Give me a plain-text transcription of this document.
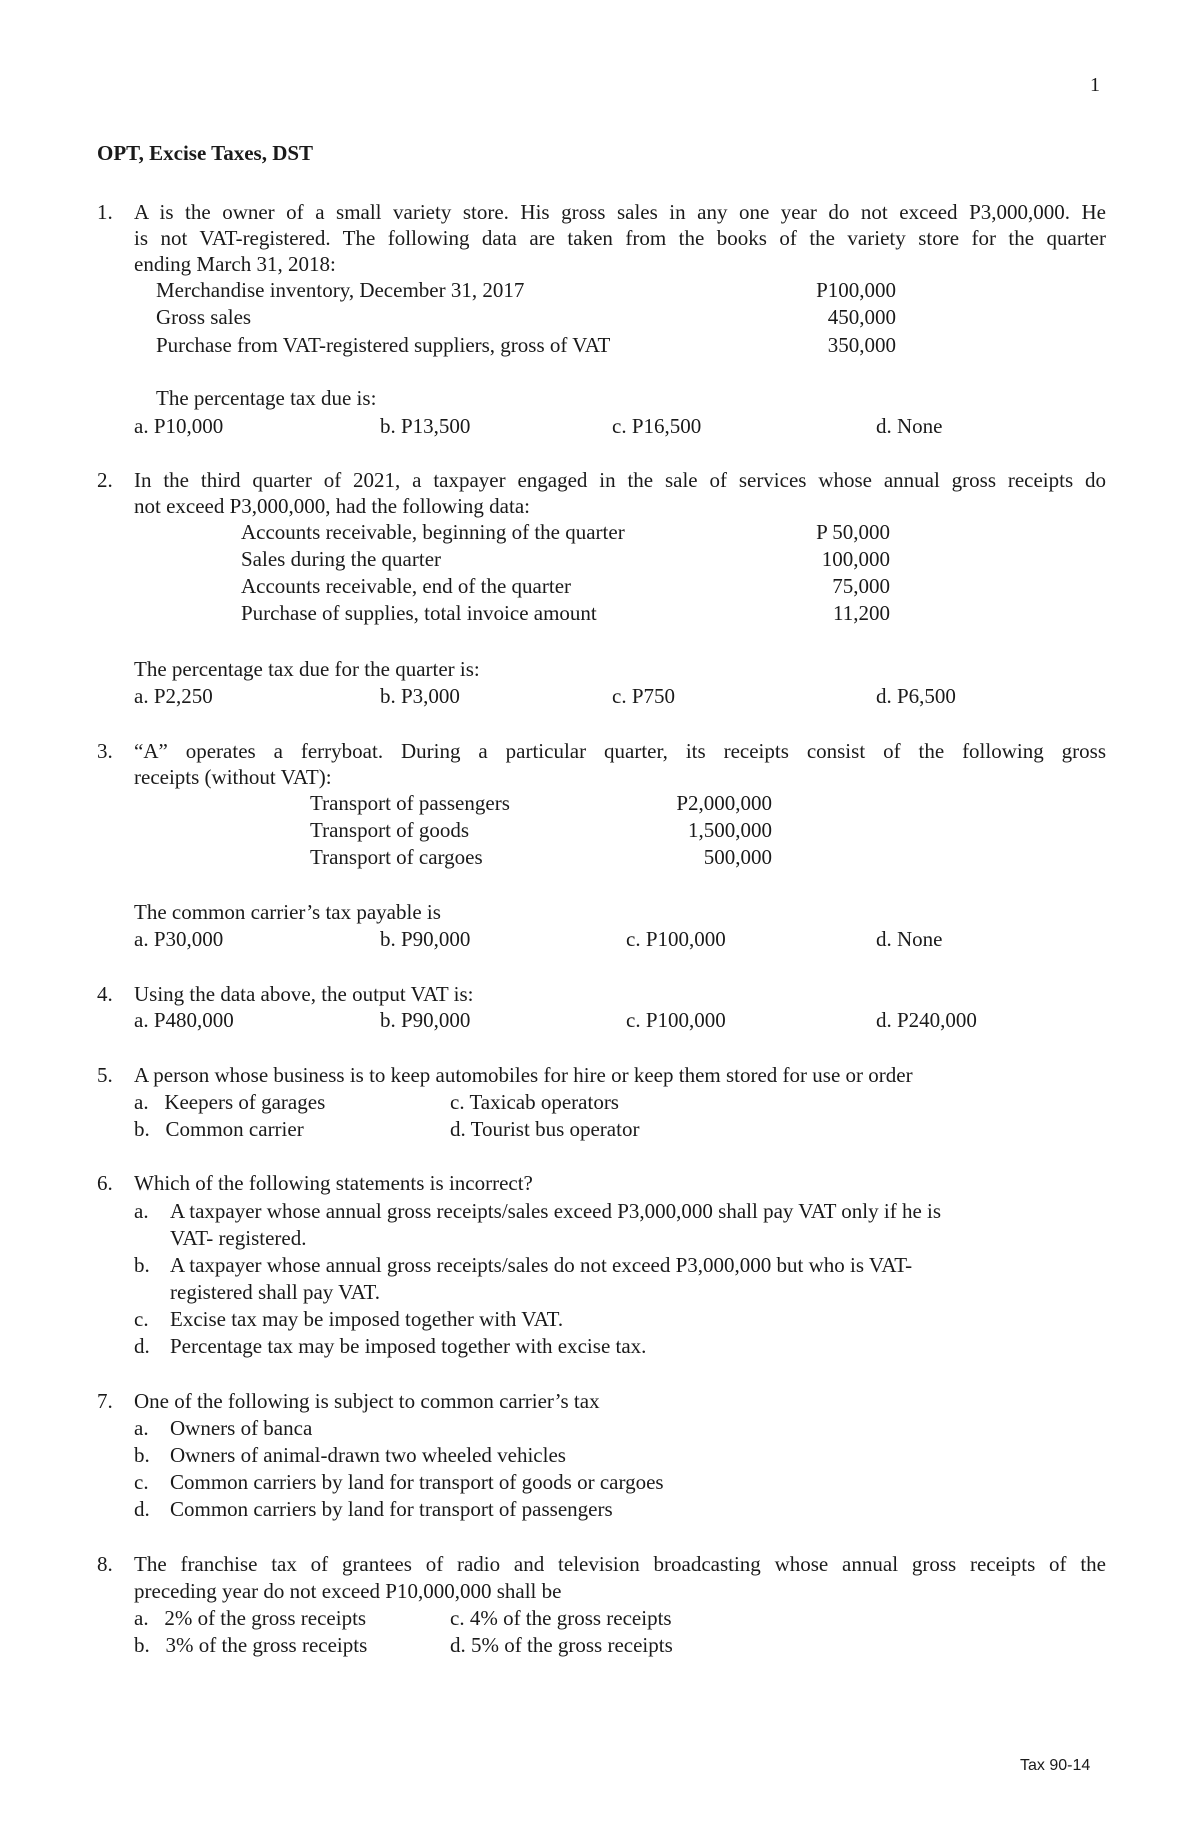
1
OPT, Excise Taxes, DST
1.	A is the owner of a small variety store. His gross sales in any one year do not exceed P3,000,000. He
is not VAT-registered. The following data are taken from the books of the variety store for the quarter
ending March 31, 2018:
Merchandise inventory, December 31, 2017	P100,000
Gross sales	450,000
Purchase from VAT-registered suppliers, gross of VAT	350,000
The percentage tax due is:
a. P10,000	b. P13,500	c. P16,500	d. None
2.	In the third quarter of 2021, a taxpayer engaged in the sale of services whose annual gross receipts do
not exceed P3,000,000, had the following data:
Accounts receivable, beginning of the quarter	P 50,000
Sales during the quarter	100,000
Accounts receivable, end of the quarter	75,000
Purchase of supplies, total invoice amount	11,200
The percentage tax due for the quarter is:
a. P2,250	b. P3,000	c. P750	d. P6,500
3.	“A” operates a ferryboat. During a particular quarter, its receipts consist of the following gross
receipts (without VAT):
Transport of passengers	P2,000,000
Transport of goods	1,500,000
Transport of cargoes	500,000
The common carrier’s tax payable is
a. P30,000	b. P90,000	c. P100,000	d. None
4.	Using the data above, the output VAT is:
a. P480,000	b. P90,000	c. P100,000	d. P240,000
5.	A person whose business is to keep automobiles for hire or keep them stored for use or order
a.   Keepers of garages	c. Taxicab operators
b.   Common carrier	d. Tourist bus operator
6.	Which of the following statements is incorrect?
a. A taxpayer whose annual gross receipts/sales exceed P3,000,000 shall pay VAT only if he is
VAT- registered.
b. A taxpayer whose annual gross receipts/sales do not exceed P3,000,000 but who is VAT-
registered shall pay VAT.
c. Excise tax may be imposed together with VAT.
d. Percentage tax may be imposed together with excise tax.
7.	One of the following is subject to common carrier’s tax
a. Owners of banca
b. Owners of animal-drawn two wheeled vehicles
c. Common carriers by land for transport of goods or cargoes
d. Common carriers by land for transport of passengers
8.	The franchise tax of grantees of radio and television broadcasting whose annual gross receipts of the
preceding year do not exceed P10,000,000 shall be
a.   2% of the gross receipts	c. 4% of the gross receipts
b.   3% of the gross receipts	d. 5% of the gross receipts
Tax 90-14
